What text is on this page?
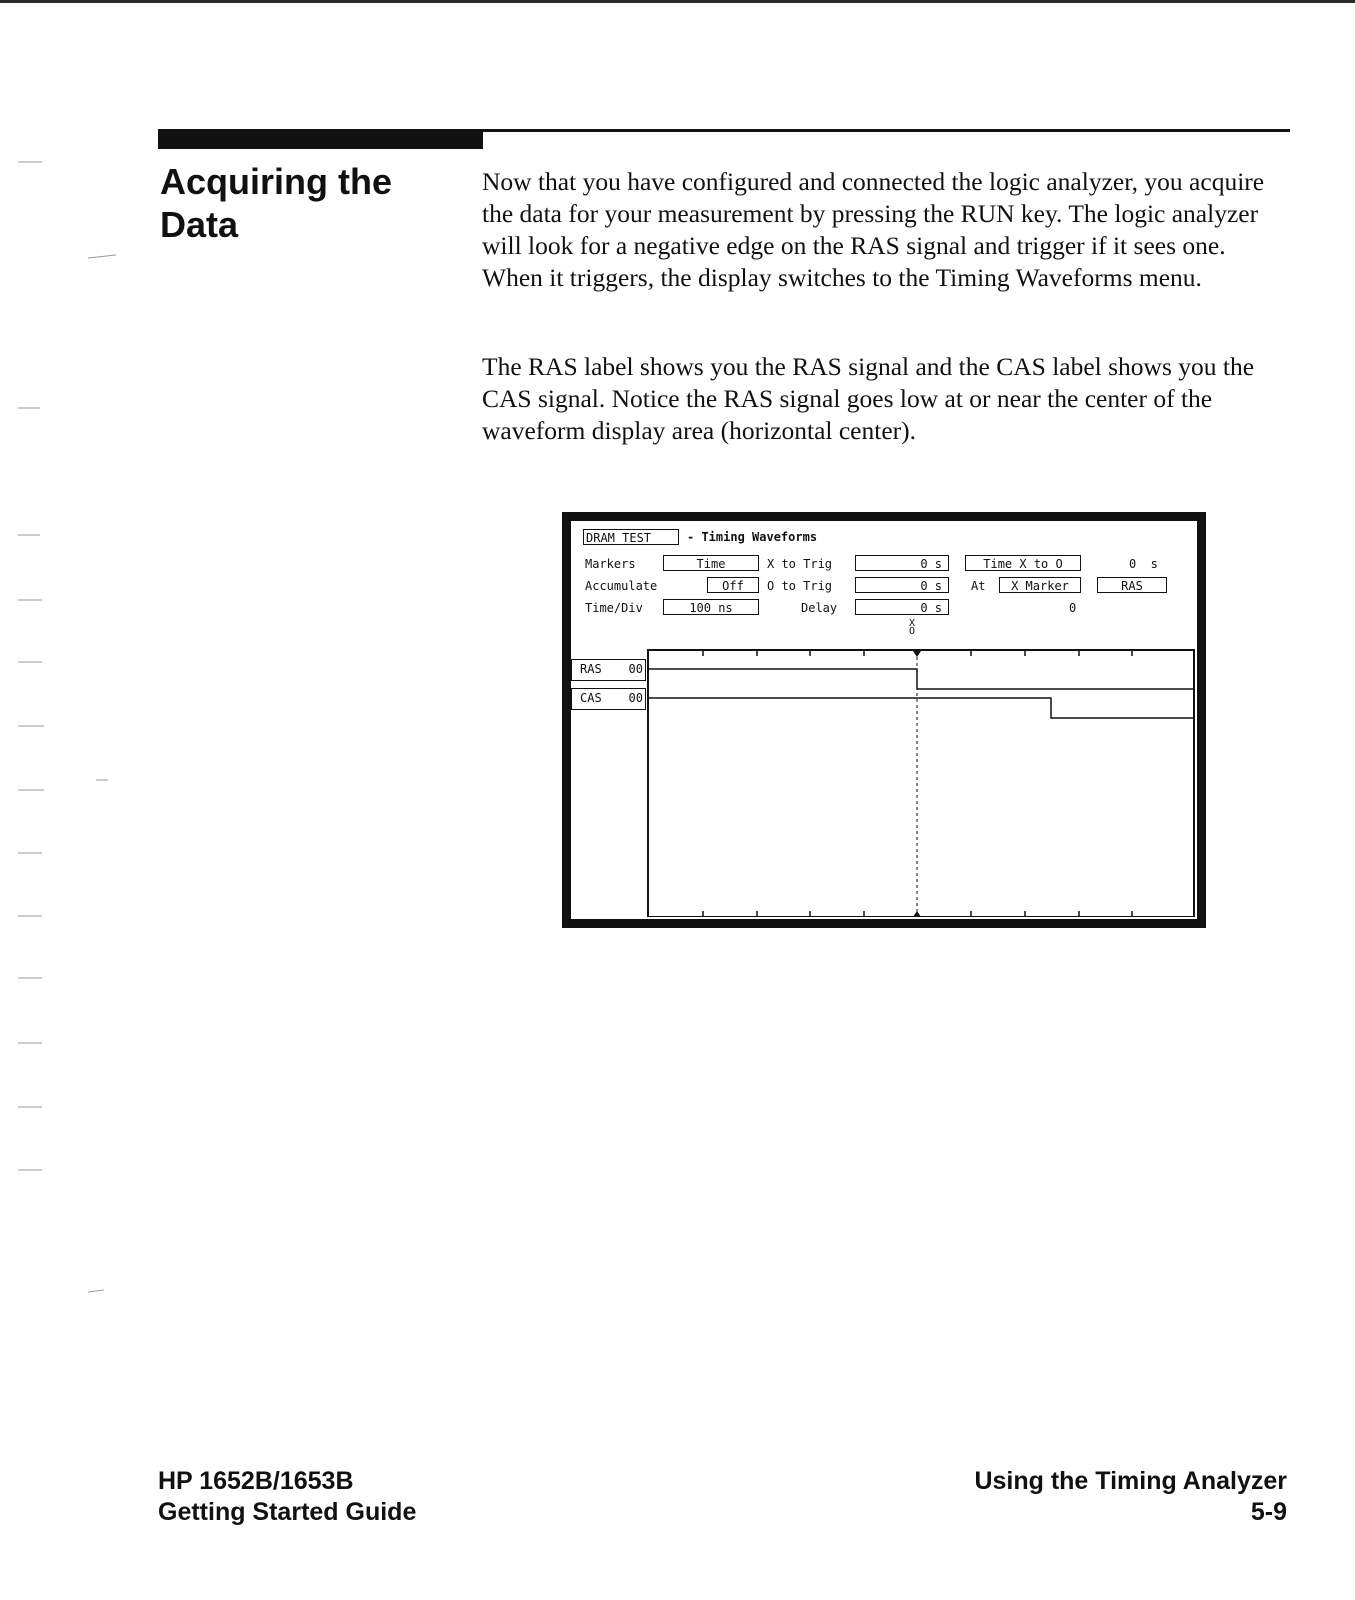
Acquiring the
Data

Now that you have configured and connected the logic analyzer, you acquire the data for your measurement by pressing the RUN key. The logic analyzer will look for a negative edge on the RAS signal and trigger if it sees one. When it triggers, the display switches to the Timing Waveforms menu.

The RAS label shows you the RAS signal and the CAS label shows you the CAS signal. Notice the RAS signal goes low at or near the center of the waveform display area (horizontal center).

DRAM TEST	- Timing Waveforms
Markers	Time	X to Trig	0 s	Time X to O	0  s
Accumulate	Off	O to Trig	0 s	At	X Marker	RAS
Time/Div	100 ns	Delay	0 s	0
X
O
RAS 00
CAS 00
HP 1652B/1653B
Getting Started Guide
Using the Timing Analyzer
5-9
